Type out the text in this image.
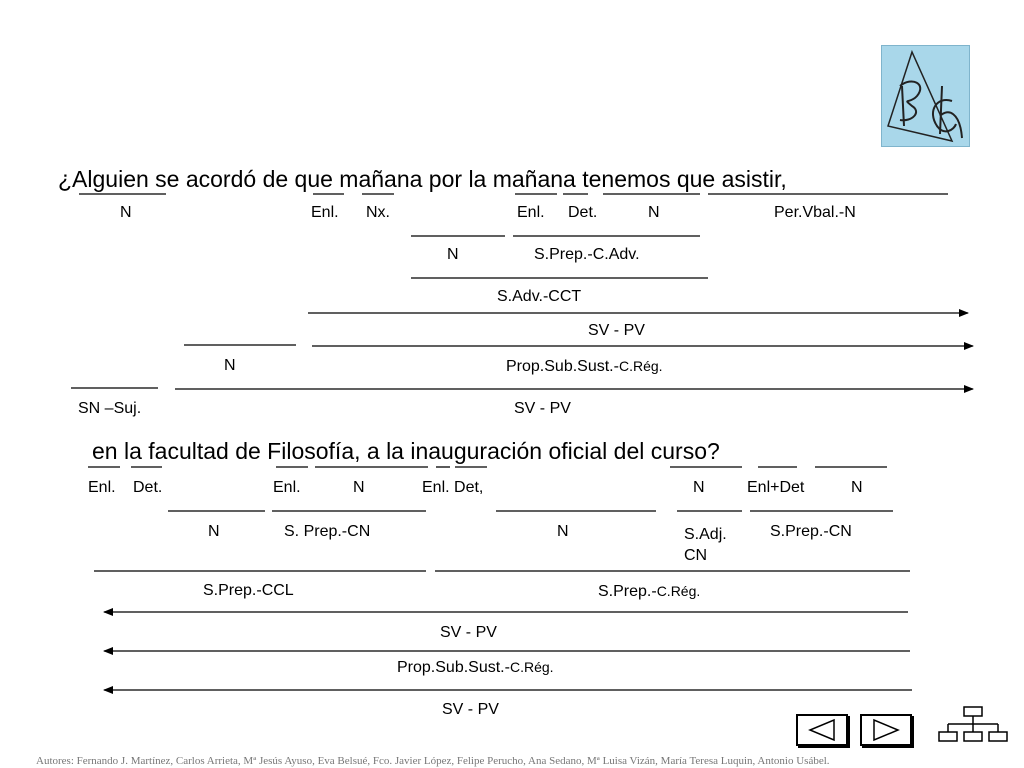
¿Alguien se acordó de que mañana por la mañana tenemos que asistir,
N	Enl. Nx.	Enl. Det.	N	Per.Vbal.-N
N	S.Prep.-C.Adv.
S.Adv.-CCT
SV - PV
N	Prop.Sub.Sust.-C.Rég.
SN –Suj.	SV - PV
en la facultad de Filosofía, a la inauguración oficial del curso?
Enl. Det.	Enl.	N	Enl. Det,	N	Enl+Det	N
N	S. Prep.-CN	N	S.Adj.
CN
S.Prep.-CN
S.Prep.-CCL	S.Prep.-C.Rég.
SV - PV
Prop.Sub.Sust.-C.Rég.
SV - PV
Autores: Fernando J. Martínez, Carlos Arrieta, Mª Jesús Ayuso, Eva Belsué, Fco. Javier López, Felipe Perucho, Ana Sedano, Mª Luisa Vizán, María Teresa Luquin, Antonio Usábel.
